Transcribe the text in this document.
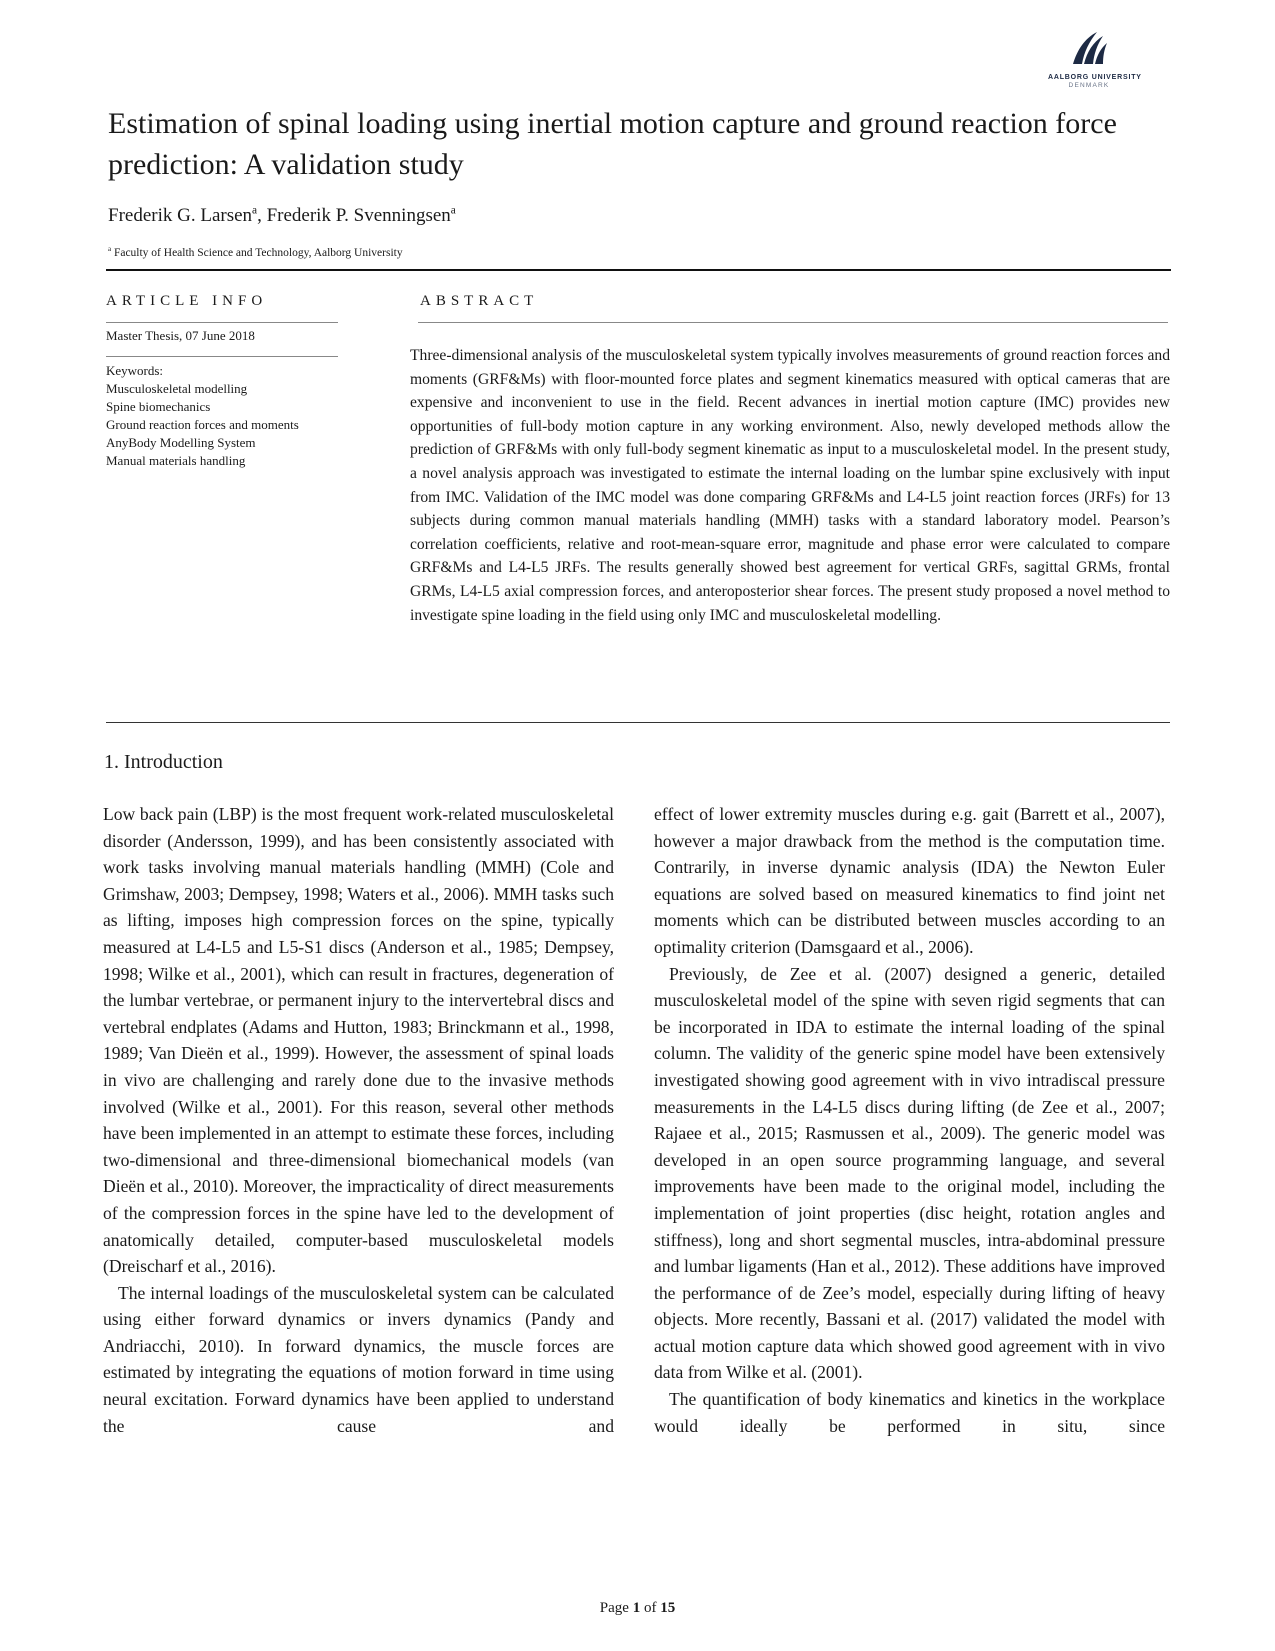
AALBORG UNIVERSITY
DENMARK
Estimation of spinal loading using inertial motion capture and ground reaction force prediction: A validation study
Frederik G. Larsen$^a$, Frederik P. Svenningsen$^a$
$^a$ Faculty of Health Science and Technology, Aalborg University
ARTICLE INFO
Master Thesis, 07 June 2018
Keywords:
Musculoskeletal modelling
Spine biomechanics
Ground reaction forces and moments
AnyBody Modelling System
Manual materials handling
ABSTRACT

Three-dimensional analysis of the musculoskeletal system typically involves measurements of ground reaction forces and moments (GRF&Ms) with floor-mounted force plates and segment kinematics measured with optical cameras that are expensive and inconvenient to use in the field. Recent advances in inertial motion capture (IMC) provides new opportunities of full-body motion capture in any working environment. Also, newly developed methods allow the prediction of GRF&Ms with only full-body segment kinematic as input to a musculoskeletal model. In the present study, a novel analysis approach was investigated to estimate the internal loading on the lumbar spine exclusively with input from IMC. Validation of the IMC model was done comparing GRF&Ms and L4-L5 joint reaction forces (JRFs) for 13 subjects during common manual materials handling (MMH) tasks with a standard laboratory model. Pearson’s correlation coefficients, relative and root-mean-square error, magnitude and phase error were calculated to compare GRF&Ms and L4-L5 JRFs. The results generally showed best agreement for vertical GRFs, sagittal GRMs, frontal GRMs, L4-L5 axial compression forces, and anteroposterior shear forces. The present study proposed a novel method to investigate spine loading in the field using only IMC and musculoskeletal modelling.

1. Introduction

Low back pain (LBP) is the most frequent work-related musculoskeletal disorder (Andersson, 1999), and has been consistently associated with work tasks involving manual materials handling (MMH) (Cole and Grimshaw, 2003; Dempsey, 1998; Waters et al., 2006). MMH tasks such as lifting, imposes high compression forces on the spine, typically measured at L4-L5 and L5-S1 discs (Anderson et al., 1985; Dempsey, 1998; Wilke et al., 2001), which can result in fractures, degeneration of the lumbar vertebrae, or permanent injury to the intervertebral discs and vertebral endplates (Adams and Hutton, 1983; Brinckmann et al., 1998, 1989; Van Dieën et al., 1999). However, the assessment of spinal loads in vivo are challenging and rarely done due to the invasive methods involved (Wilke et al., 2001). For this reason, several other methods have been implemented in an attempt to estimate these forces, including two-dimensional and three-dimensional biomechanical models (van Dieën et al., 2010). Moreover, the impracticality of direct measurements of the compression forces in the spine have led to the development of anatomically detailed, computer-based musculoskeletal models (Dreischarf et al., 2016).

The internal loadings of the musculoskeletal system can be calculated using either forward dynamics or invers dynamics (Pandy and Andriacchi, 2010). In forward dynamics, the muscle forces are estimated by integrating the equations of motion forward in time using neural excitation. Forward dynamics have been applied to understand the cause and

effect of lower extremity muscles during e.g. gait (Barrett et al., 2007), however a major drawback from the method is the computation time. Contrarily, in inverse dynamic analysis (IDA) the Newton Euler equations are solved based on measured kinematics to find joint net moments which can be distributed between muscles according to an optimality criterion (Damsgaard et al., 2006).

Previously, de Zee et al. (2007) designed a generic, detailed musculoskeletal model of the spine with seven rigid segments that can be incorporated in IDA to estimate the internal loading of the spinal column. The validity of the generic spine model have been extensively investigated showing good agreement with in vivo intradiscal pressure measurements in the L4-L5 discs during lifting (de Zee et al., 2007; Rajaee et al., 2015; Rasmussen et al., 2009). The generic model was developed in an open source programming language, and several improvements have been made to the original model, including the implementation of joint properties (disc height, rotation angles and stiffness), long and short segmental muscles, intra-abdominal pressure and lumbar ligaments (Han et al., 2012). These additions have improved the performance of de Zee’s model, especially during lifting of heavy objects. More recently, Bassani et al. (2017) validated the model with actual motion capture data which showed good agreement with in vivo data from Wilke et al. (2001).

The quantification of body kinematics and kinetics in the workplace would ideally be performed in situ, since

Page 1 of 15
